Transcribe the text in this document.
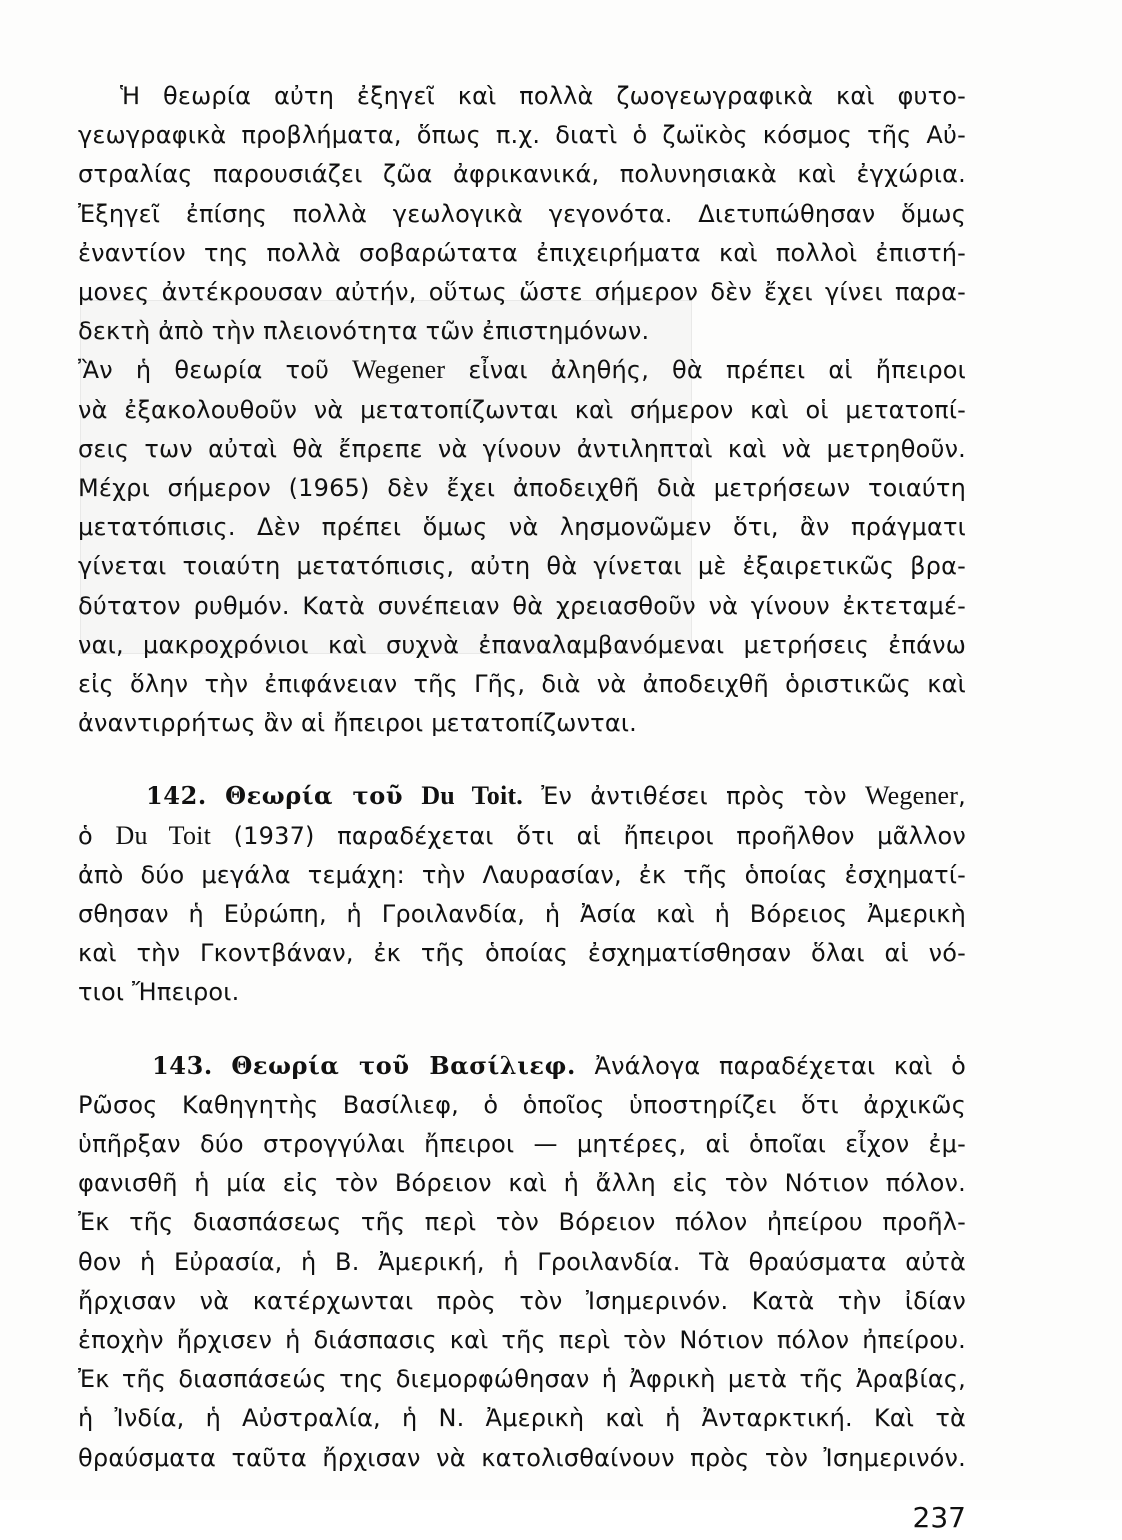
Ἡ θεωρία αὐτη ἐξηγεῖ καὶ πολλὰ ζωογεωγραφικὰ καὶ φυτο-
γεωγραφικὰ προβλήματα, ὅπως π.χ. διατὶ ὁ ζωϊκὸς κόσμος τῆς Αὐ-
στραλίας παρουσιάζει ζῶα ἀφρικανικά, πολυνησιακὰ καὶ ἐγχώρια.
Ἐξηγεῖ ἐπίσης πολλὰ γεωλογικὰ γεγονότα. Διετυπώθησαν ὅμως
ἐναντίον της πολλὰ σοβαρώτατα ἐπιχειρήματα καὶ πολλοὶ ἐπιστή-
μονες ἀντέκρουσαν αὐτήν, οὕτως ὥστε σήμερον δὲν ἔχει γίνει παρα-
δεκτὴ ἀπὸ τὴν πλειονότητα τῶν ἐπιστημόνων.
Ἂν ἡ θεωρία τοῦ Wegener εἶναι ἀληθής, θὰ πρέπει αἱ ἤπειροι
νὰ ἐξακολουθοῦν νὰ μετατοπίζωνται καὶ σήμερον καὶ οἱ μετατοπί-
σεις των αὐταὶ θὰ ἔπρεπε νὰ γίνουν ἀντιληπταὶ καὶ νὰ μετρηθοῦν.
Μέχρι σήμερον (1965) δὲν ἔχει ἀποδειχθῆ διὰ μετρήσεων τοιαύτη
μετατόπισις. Δὲν πρέπει ὅμως νὰ λησμονῶμεν ὅτι, ἂν πράγματι
γίνεται τοιαύτη μετατόπισις, αὐτη θὰ γίνεται μὲ ἐξαιρετικῶς βρα-
δύτατον ρυθμόν. Κατὰ συνέπειαν θὰ χρειασθοῦν νὰ γίνουν ἐκτεταμέ-
ναι, μακροχρόνιοι καὶ συχνὰ ἐπαναλαμβανόμεναι μετρήσεις ἐπάνω
εἰς ὅλην τὴν ἐπιφάνειαν τῆς Γῆς, διὰ νὰ ἀποδειχθῆ ὁριστικῶς καὶ
ἀναντιρρήτως ἂν αἱ ἤπειροι μετατοπίζωνται.
142. Θεωρία τοῦ Du Toit. Ἐν ἀντιθέσει πρὸς τὸν Wegener,
ὁ Du Toit (1937) παραδέχεται ὅτι αἱ ἤπειροι προῆλθον μᾶλλον
ἀπὸ δύο μεγάλα τεμάχη: τὴν Λαυρασίαν, ἐκ τῆς ὁποίας ἐσχηματί-
σθησαν ἡ Εὐρώπη, ἡ Γροιλανδία, ἡ Ἀσία καὶ ἡ Βόρειος Ἀμερικὴ
καὶ τὴν Γκοντβάναν, ἐκ τῆς ὁποίας ἐσχηματίσθησαν ὅλαι αἱ νό-
τιοι Ἤπειροι.
143. Θεωρία τοῦ Βασίλιεφ. Ἀνάλογα παραδέχεται καὶ ὁ
Ρῶσος Καθηγητὴς Βασίλιεφ, ὁ ὁποῖος ὑποστηρίζει ὅτι ἀρχικῶς
ὑπῆρξαν δύο στρογγύλαι ἤπειροι — μητέρες, αἱ ὁποῖαι εἶχον ἐμ-
φανισθῆ ἡ μία εἰς τὸν Βόρειον καὶ ἡ ἄλλη εἰς τὸν Νότιον πόλον.
Ἐκ τῆς διασπάσεως τῆς περὶ τὸν Βόρειον πόλον ἠπείρου προῆλ-
θον ἡ Εὐρασία, ἡ Β. Ἀμερική, ἡ Γροιλανδία. Τὰ θραύσματα αὐτὰ
ἤρχισαν νὰ κατέρχωνται πρὸς τὸν Ἰσημερινόν. Κατὰ τὴν ἰδίαν
ἐποχὴν ἤρχισεν ἡ διάσπασις καὶ τῆς περὶ τὸν Νότιον πόλον ἠπείρου.
Ἐκ τῆς διασπάσεώς της διεμορφώθησαν ἡ Ἀφρικὴ μετὰ τῆς Ἀραβίας,
ἡ Ἰνδία, ἡ Αὐστραλία, ἡ Ν. Ἀμερικὴ καὶ ἡ Ἀνταρκτική. Καὶ τὰ
θραύσματα ταῦτα ἤρχισαν νὰ κατολισθαίνουν πρὸς τὸν Ἰσημερινόν.
237
